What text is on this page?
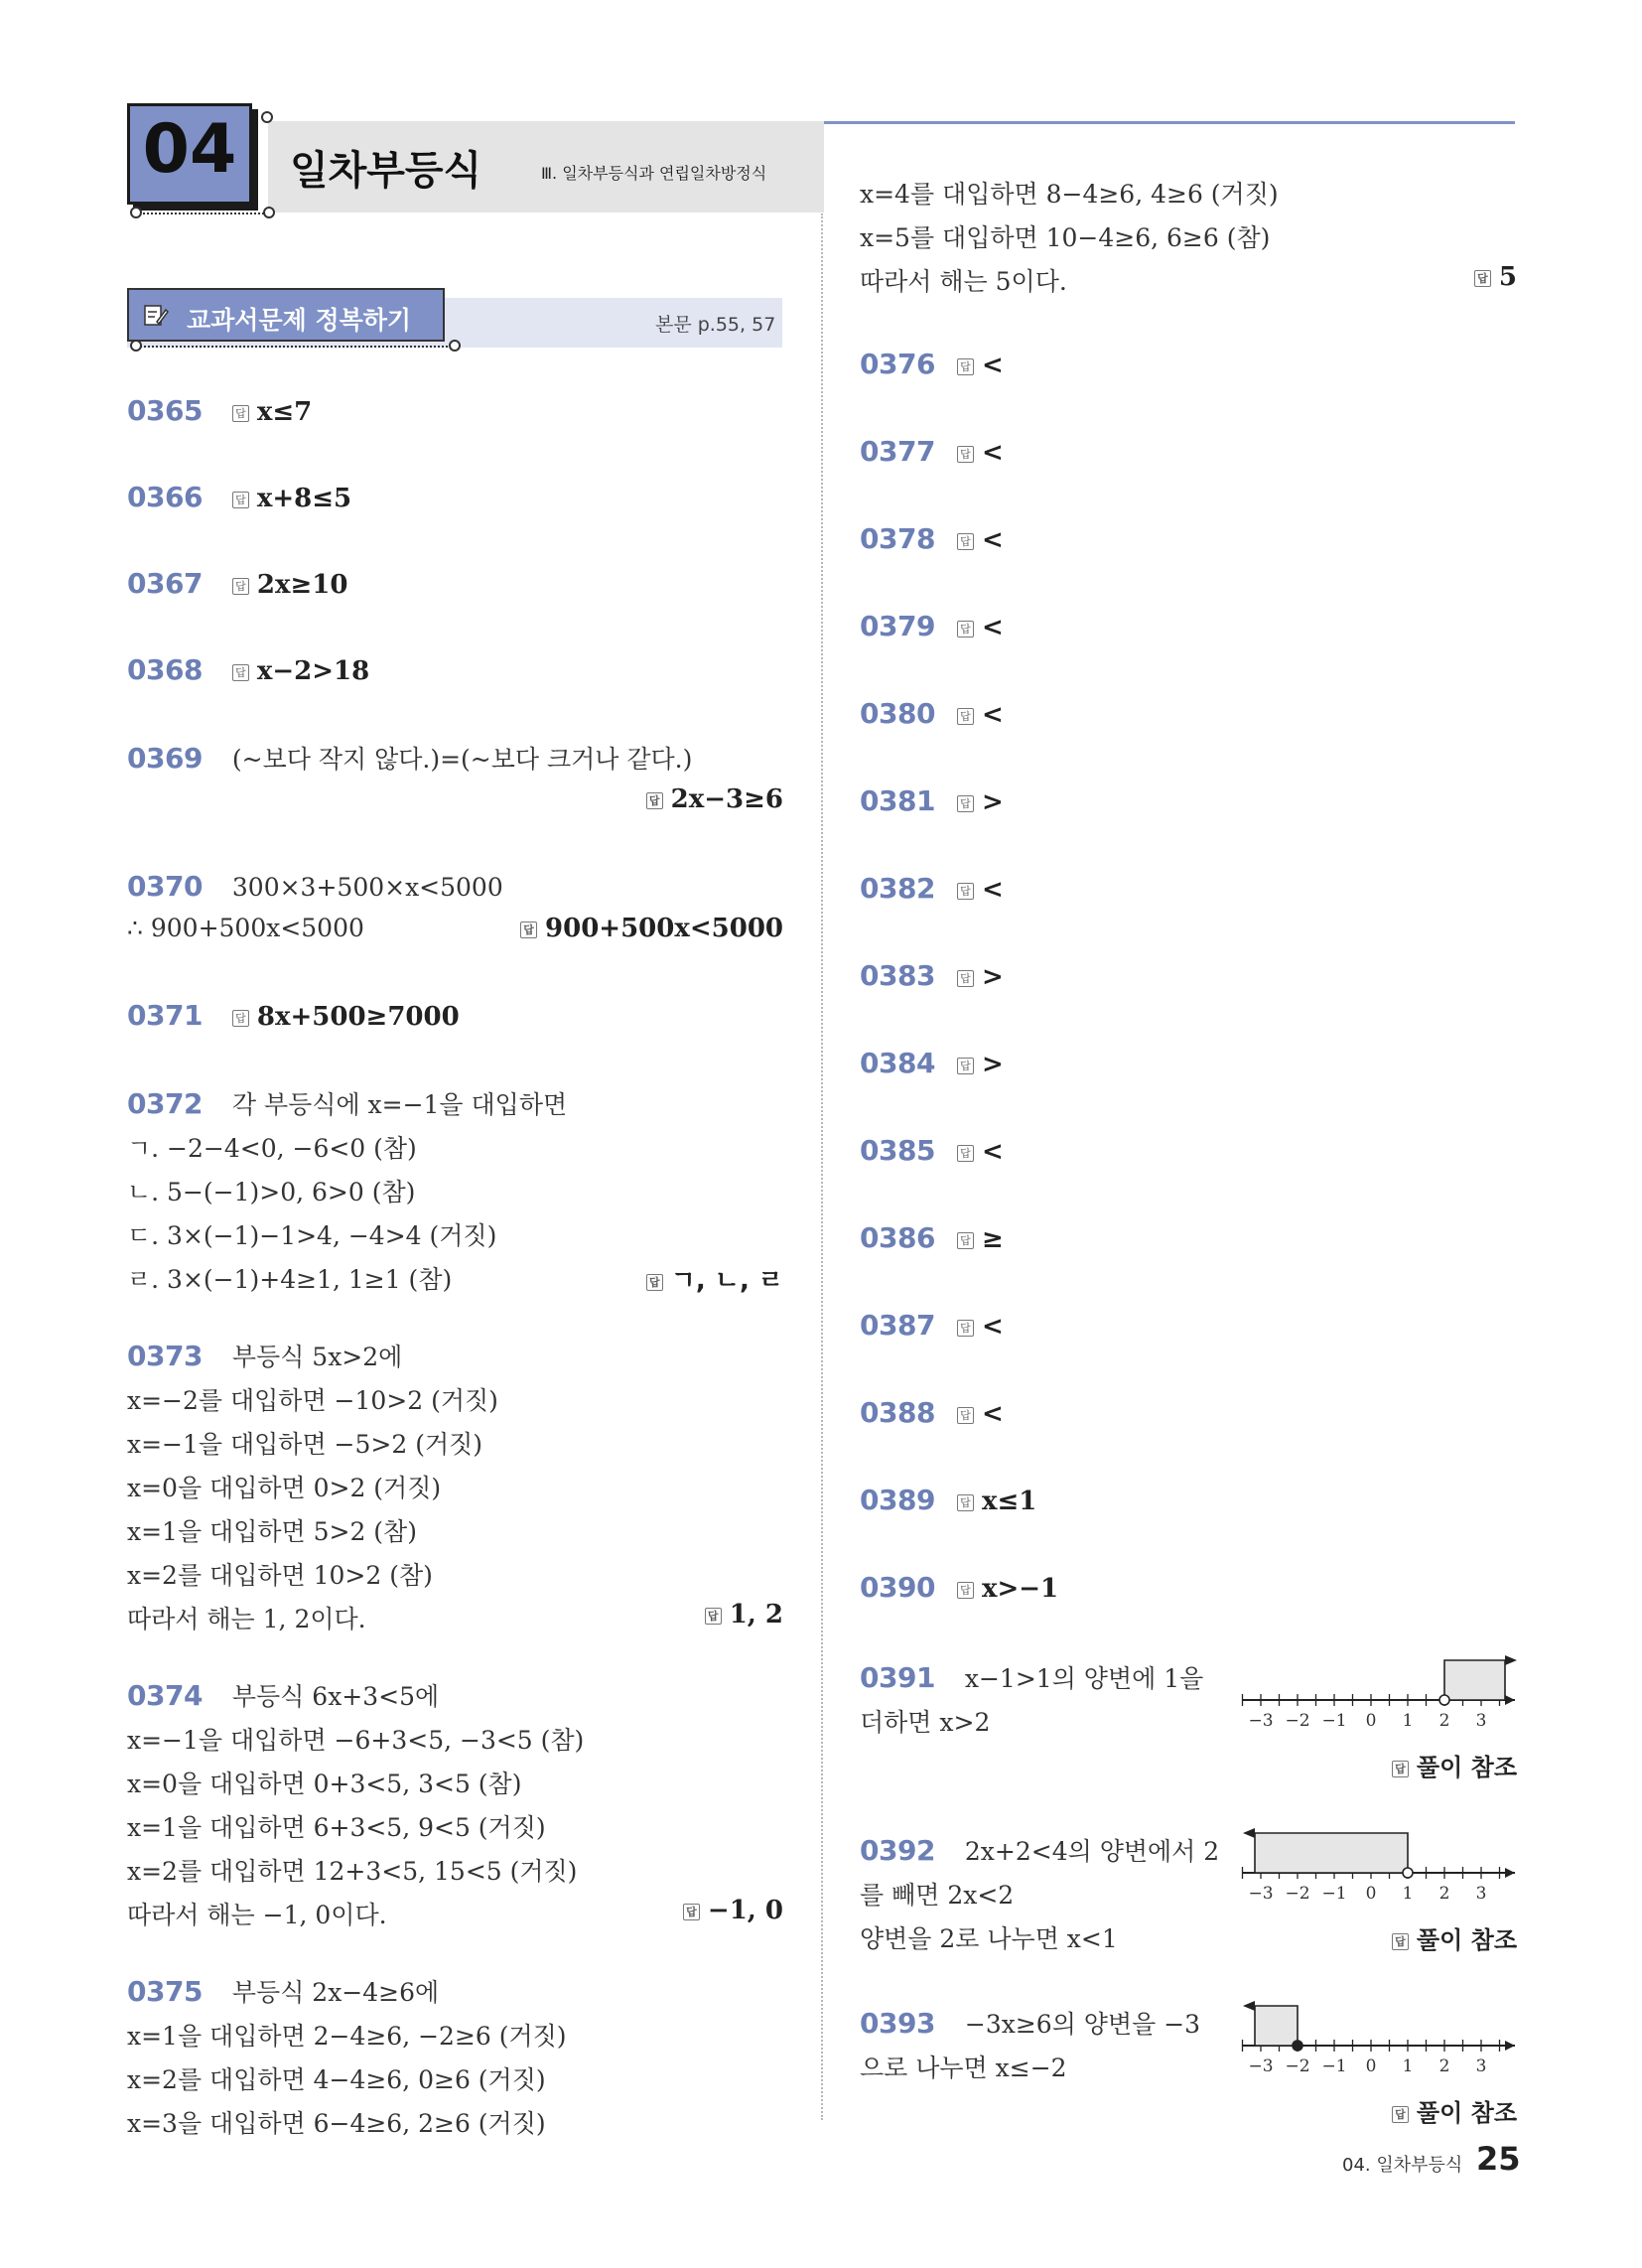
04	일차부등식	Ⅲ. 일차부등식과 연립일차방정식
교과서문제 정복하기	본문 p.55, 57
0365	답 x≤7
0366	답 x+8≤5
0367	답 2x≥10
0368	답 x−2>18
0369 (~보다 작지 않다.)=(~보다 크거나 같다.)
답 2x−3≥6
0370 300×3+500×x<5000
∴ 900+500x<5000	답 900+500x<5000
0371	답 8x+500≥7000
0372 각 부등식에 x=−1을 대입하면
ㄱ. −2−4<0, −6<0 (참)
ㄴ. 5−(−1)>0, 6>0 (참)
ㄷ. 3×(−1)−1>4, −4>4 (거짓)
ㄹ. 3×(−1)+4≥1, 1≥1 (참)	답 ㄱ, ㄴ, ㄹ
0373 부등식 5x>2에
x=−2를 대입하면 −10>2 (거짓)
x=−1을 대입하면 −5>2 (거짓)
x=0을 대입하면 0>2 (거짓)
x=1을 대입하면 5>2 (참)
x=2를 대입하면 10>2 (참)
따라서 해는 1, 2이다.	답 1, 2
0374 부등식 6x+3<5에
x=−1을 대입하면 −6+3<5, −3<5 (참)
x=0을 대입하면 0+3<5, 3<5 (참)
x=1을 대입하면 6+3<5, 9<5 (거짓)
x=2를 대입하면 12+3<5, 15<5 (거짓)
따라서 해는 −1, 0이다.	답 −1, 0
0375 부등식 2x−4≥6에
x=1을 대입하면 2−4≥6, −2≥6 (거짓)
x=2를 대입하면 4−4≥6, 0≥6 (거짓)
x=3을 대입하면 6−4≥6, 2≥6 (거짓)
x=4를 대입하면 8−4≥6, 4≥6 (거짓)
x=5를 대입하면 10−4≥6, 6≥6 (참)
따라서 해는 5이다.	답 5
0391 x−1>1의 양변에 1을
더하면 x>2	−3 −2 −1 0 1 2 3
답 풀이 참조
0392 2x+2<4의 양변에서 2
를 빼면 2x<2
양변을 2로 나누면 x<1
−3 −2 −1 0 1 2 3
답 풀이 참조
0393 −3x≥6의 양변을 −3
으로 나누면 x≤−2	−3 −2 −1 0 1 2 3
답 풀이 참조
04. 일차부등식 25
0376 답 <
0377 답 <
0378 답 <
0379 답 <
0380 답 <
0381 답 >
0382 답 <
0383 답 >
0384 답 >
0385 답 <
0386 답 ≥
0387 답 <
0388 답 <
0389 답 x≤1
0390 답 x>−1
